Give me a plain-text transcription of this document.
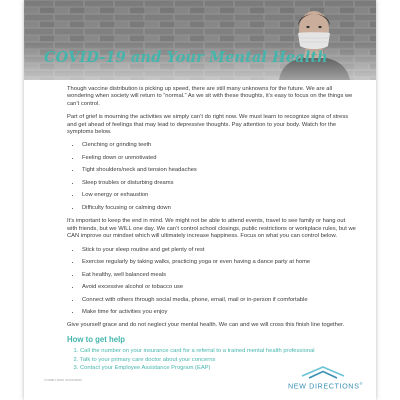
COVID-19 and Your Mental Health

Though vaccine distribution is picking up speed, there are still many unknowns for the future. We are all wondering when society will return to “normal.” As we sit with these thoughts, it’s easy to focus on the things we can’t control.

Part of grief is mourning the activities we simply can’t do right now. We must learn to recognize signs of stress and get ahead of feelings that may lead to depressive thoughts. Pay attention to your body. Watch for the symptoms below.

• Clenching or grinding teeth
• Feeling down or unmotivated
• Tight shoulders/neck and tension headaches
• Sleep troubles or disturbing dreams
• Low energy or exhaustion
• Difficulty focusing or calming down

It’s important to keep the end in mind. We might not be able to attend events, travel to see family or hang out with friends, but we WILL one day. We can’t control school closings, public restrictions or workplace rules, but we CAN improve our mindset which will ultimately increase happiness. Focus on what you can control below.

• Stick to your sleep routine and get plenty of rest
• Exercise regularly by taking walks, practicing yoga or even having a dance party at home
• Eat healthy, well balanced meals
• Avoid excessive alcohol or tobacco use
• Connect with others through social media, phone, email, mail or in-person if comfortable
• Make time for activities you enjoy

Give yourself grace and do not neglect your mental health. We can and we will cross this finish line together.

How to get help
1. Call the number on your insurance card for a referral to a trained mental health professional
2. Talk to your primary care doctor about your concerns
3. Contact your Employee Assistance Program (EAP)
©NDBH 0000 00/00/0000
NEW DIRECTIONS®
